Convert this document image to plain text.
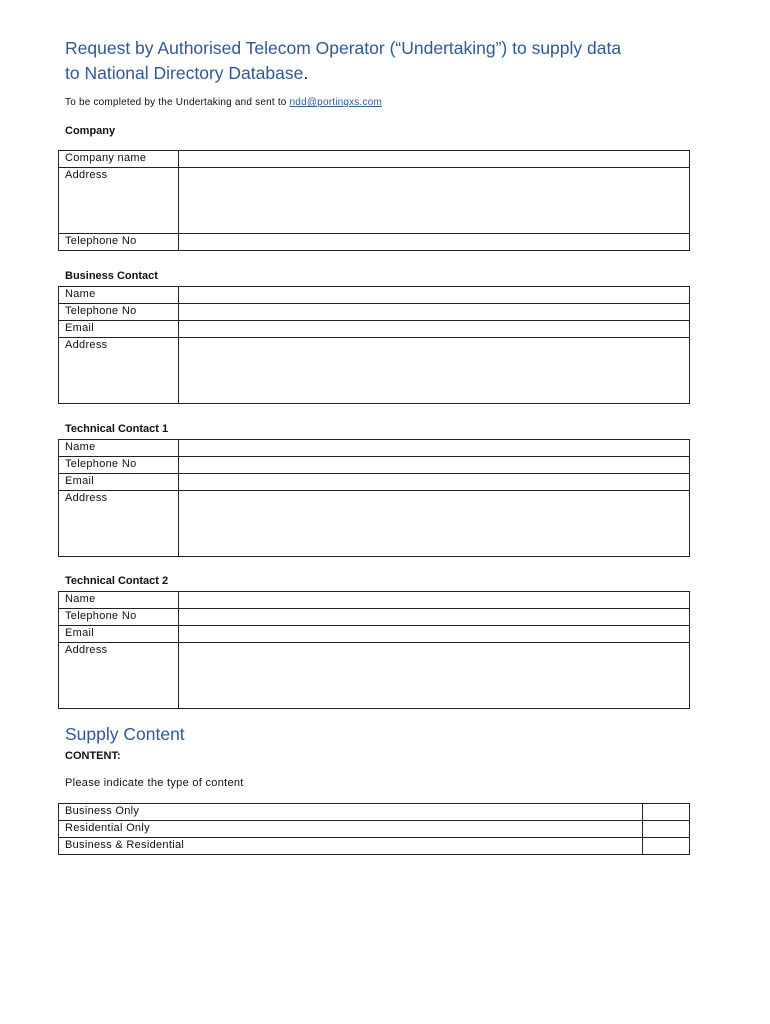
Request by Authorised Telecom Operator (“Undertaking”) to supply data
to National Directory Database.
To be completed by the Undertaking and sent to ndd@portingxs.com
Company
Company name	
Address	
Telephone No	
Business Contact
Name	
Telephone No	
Email	
Address	
Technical Contact 1
Name	
Telephone No	
Email	
Address	
Technical Contact 2
Name	
Telephone No	
Email	
Address	
Supply Content
CONTENT:
Please indicate the type of content
Business Only	
Residential Only	
Business & Residential	
